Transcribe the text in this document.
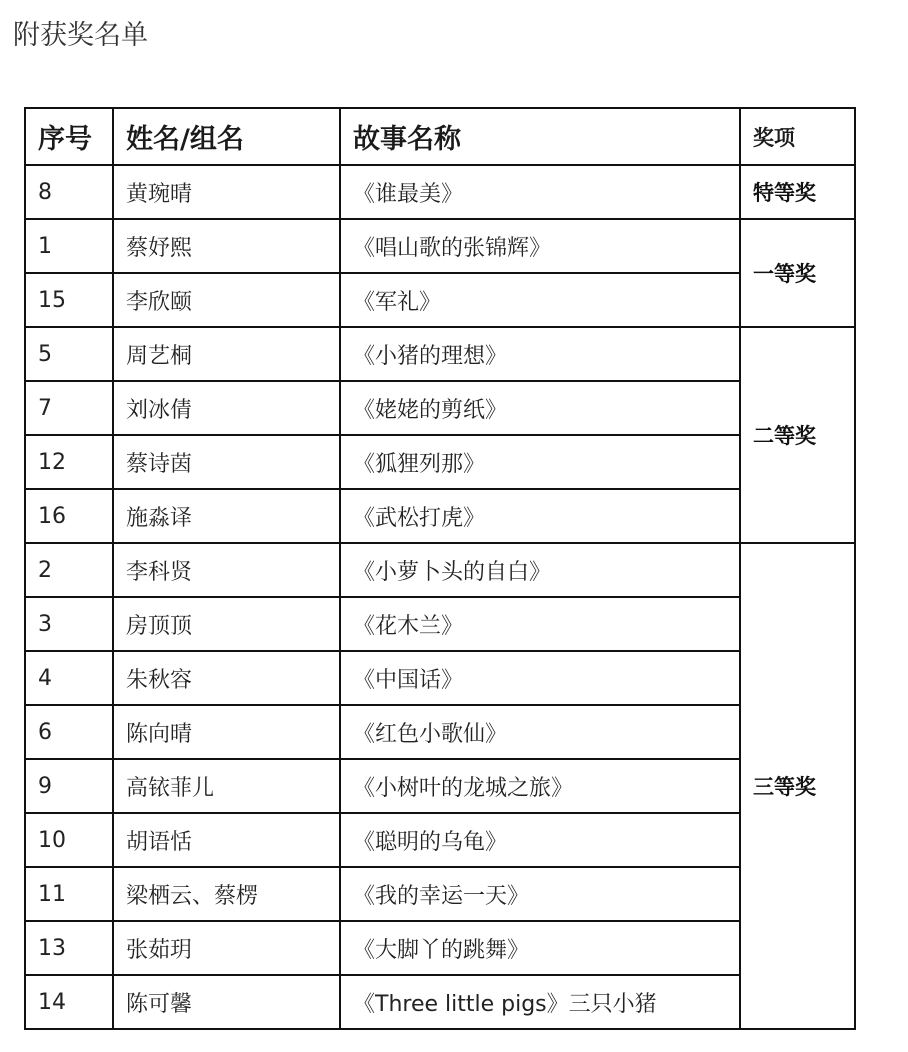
附获奖名单
序号	姓名/组名	故事名称	奖项
8	黄琬晴	《谁最美》	特等奖
1	蔡妤熙	《唱山歌的张锦辉》	一等奖
15	李欣颐	《军礼》	
5	周艺桐	《小猪的理想》	二等奖
7	刘冰倩	《姥姥的剪纸》	
12	蔡诗茵	《狐狸列那》	
16	施淼译	《武松打虎》	
2	李科贤	《小萝卜头的自白》	三等奖
3	房顶顶	《花木兰》	
4	朱秋容	《中国话》	
6	陈向晴	《红色小歌仙》	
9	高铱菲儿	《小树叶的龙城之旅》	
10	胡语恬	《聪明的乌龟》	
11	梁栖云、蔡楞	《我的幸运一天》	
13	张茹玥	《大脚丫的跳舞》	
14	陈可馨	《Three little pigs》三只小猪	
